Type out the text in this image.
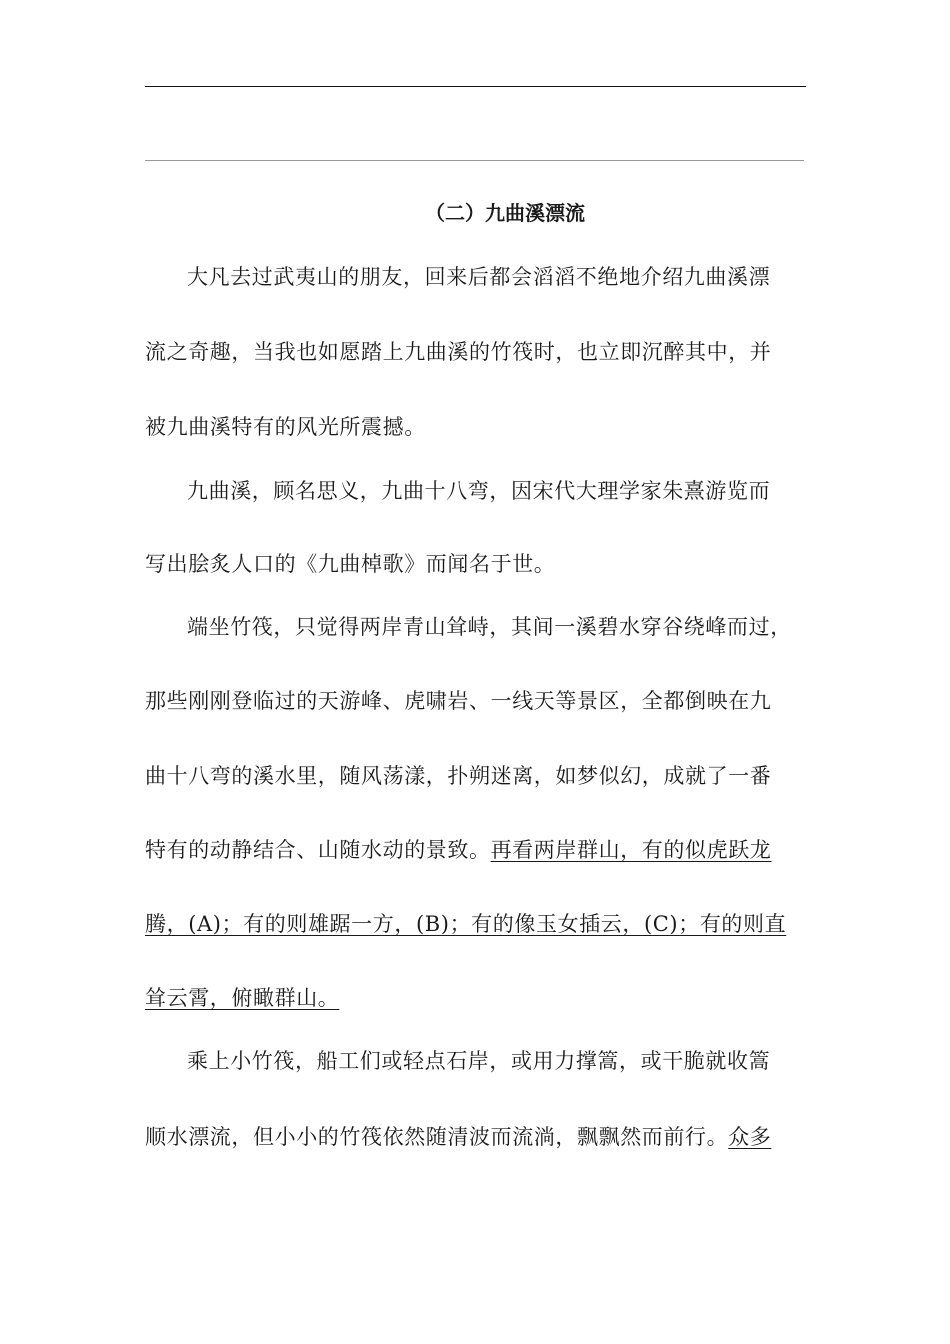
（二）九曲溪漂流
大凡去过武夷山的朋友，回来后都会滔滔不绝地介绍九曲溪漂
流之奇趣，当我也如愿踏上九曲溪的竹筏时，也立即沉醉其中，并
被九曲溪特有的风光所震撼。
九曲溪，顾名思义，九曲十八弯，因宋代大理学家朱熹游览而
写出脍炙人口的《九曲棹歌》而闻名于世。
端坐竹筏，只觉得两岸青山耸峙，其间一溪碧水穿谷绕峰而过，
那些刚刚登临过的天游峰、虎啸岩、一线天等景区，全都倒映在九
曲十八弯的溪水里，随风荡漾，扑朔迷离，如梦似幻，成就了一番
特有的动静结合、山随水动的景致。再看两岸群山，有的似虎跃龙
腾，(A)；有的则雄踞一方，(B)；有的像玉女插云，(C)；有的则直
耸云霄，俯瞰群山。
乘上小竹筏，船工们或轻点石岸，或用力撑篙，或干脆就收篙
顺水漂流，但小小的竹筏依然随清波而流淌，飘飘然而前行。众多
